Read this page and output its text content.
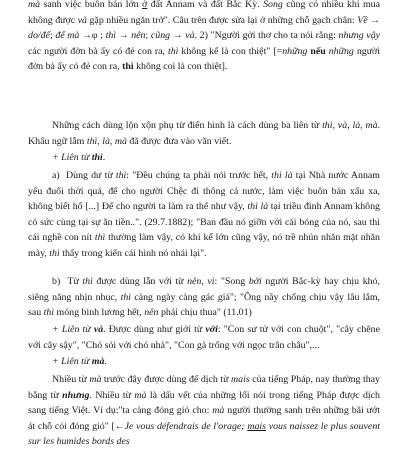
mà sanh việc buôn bán lớn ở đất Annam và đất Bắc Kỳ. Song cũng có nhiều khi mua không được và gặp nhiều ngăn trở". Câu trên được sửa lại ở những chỗ gạch chân: Về → do/để; để mà →φ ; thì → nên; cũng → và. 2) "Người gởi thơ cho ta nói rằng: nhưng vậy các người đờn bà ấy có đẻ con ra, thì không kể là con thiệt" [=những nếu những người đờn bà ấy có đẻ con ra, thì không coi là con thiệt].

Những cách dùng lộn xộn phụ từ điển hình là cách dùng ba liên từ thì, và, là, mà. Khẩu ngữ lẫm thì, là, mà đã được đưa vào văn viết.

+ Liên từ thì.

a)  Dùng dư từ thì: "Đều chúng ta phải nói trước hết, thì là tại Nhà nước Annam yếu đuối thời quá, để cho người Chệc đi thông cả nước, làm việc buôn bán xấu xa, không biết hổ [...] Để cho người ta làm ra thể như vậy, thì là tại triều đình Annam không có sức cùng tại sự ăn tiền..". (29.7.1882); "Ban đầu nó giỡn với cái bóng của nó, sau thì cái nghề con nít thì thường làm vậy, có khi kể lớn cũng vậy, nó trề nhún nhăn mặt nhăn mày, thì thấy trong kiến cái hình nó nhái lại".

b)  Từ thì được dùng lẫn với từ nên, vì: "Song bởi người Bắc-kỳ hay chịu khó, siêng năng nhịn nhục, thì càng ngày càng gác giá"; "Ông nầy chống chịu vậy lâu lắm, sau thì móng binh lương hết, nên phải chịu thua" (11.01)

+ Liên từ và. Được dùng như giới từ với: "Con sư tử với con chuột", "cây chêne với cây sậy", "Chó sói với chó nhà", "Con gà trống với ngọc trân châu",...

+ Liên từ mà.

Nhiều từ mà trước đây được dùng để dịch từ mais của tiếng Pháp, nay thường thay bằng từ nhưng. Nhiều từ mà là dấu vết của những lối nói trong tiếng Pháp được dịch sang tiếng Việt. Ví dụ:"ta càng đóng giỏ cho: mà người thường sanh trên những bãi ướt át chỗ cói đóng giỏ" [←Je vous défendrais de l'orage; mais vous naissez le plus souvent sur les humides bords des
